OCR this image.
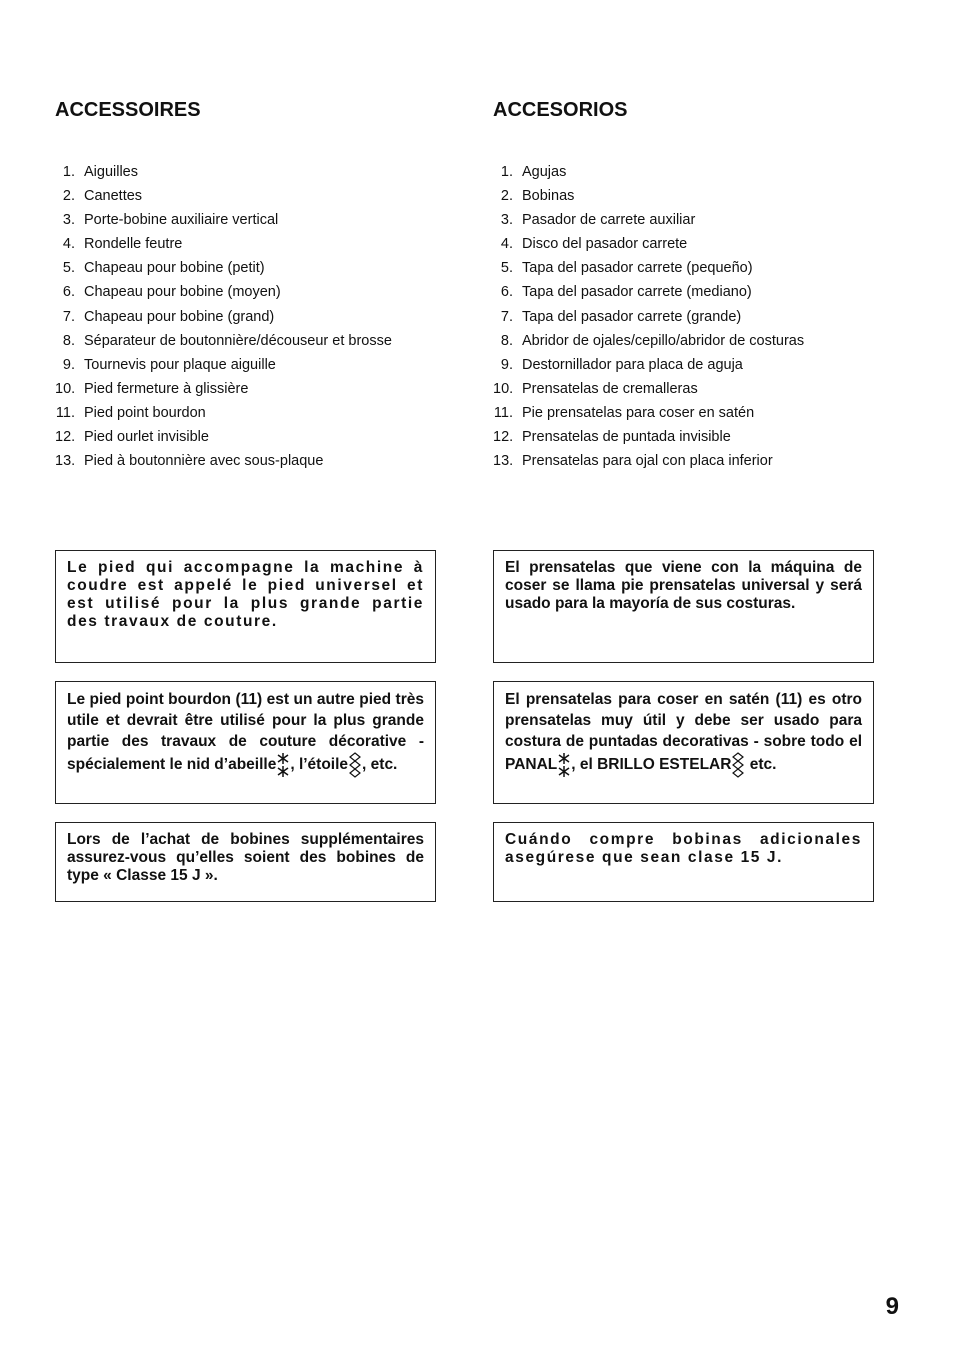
ACCESSOIRES
1. Aiguilles
2. Canettes
3. Porte-bobine auxiliaire vertical
4. Rondelle feutre
5. Chapeau pour bobine (petit)
6. Chapeau pour bobine (moyen)
7. Chapeau pour bobine (grand)
8. Séparateur de boutonnière/découseur et brosse
9. Tournevis pour plaque aiguille
10. Pied fermeture à glissière
11. Pied point bourdon
12. Pied ourlet invisible
13. Pied à boutonnière avec sous-plaque
ACCESORIOS
1. Agujas
2. Bobinas
3. Pasador de carrete auxiliar
4. Disco del pasador carrete
5. Tapa del pasador carrete (pequeño)
6. Tapa del pasador carrete (mediano)
7. Tapa del pasador carrete (grande)
8. Abridor de ojales/cepillo/abridor de costuras
9. Destornillador para placa de aguja
10. Prensatelas de cremalleras
11. Pie prensatelas para coser en satén
12. Prensatelas de puntada invisible
13. Prensatelas para ojal con placa inferior
Le pied qui accompagne la machine à coudre est appelé le pied universel et est utilisé pour la plus grande partie des travaux de couture.
Le pied point bourdon (11) est un autre pied très utile et devrait être utilisé pour la plus grande partie des travaux de couture décorative - spécialement le nid d’abeille , l’étoile , etc.
Lors de l’achat de bobines supplémentaires assurez-vous qu’elles soient des bobines de type « Classe 15 J ».
El prensatelas que viene con la máquina de coser se llama pie prensatelas universal y será usado para la mayoría de sus costuras.
El prensatelas para coser en satén (11) es otro prensatelas muy útil y debe ser usado para costura de puntadas decorativas - sobre todo el PANAL , el BRILLO ESTELAR etc.
Cuándo compre bobinas adicionales asegúrese que sean clase 15 J.
9
